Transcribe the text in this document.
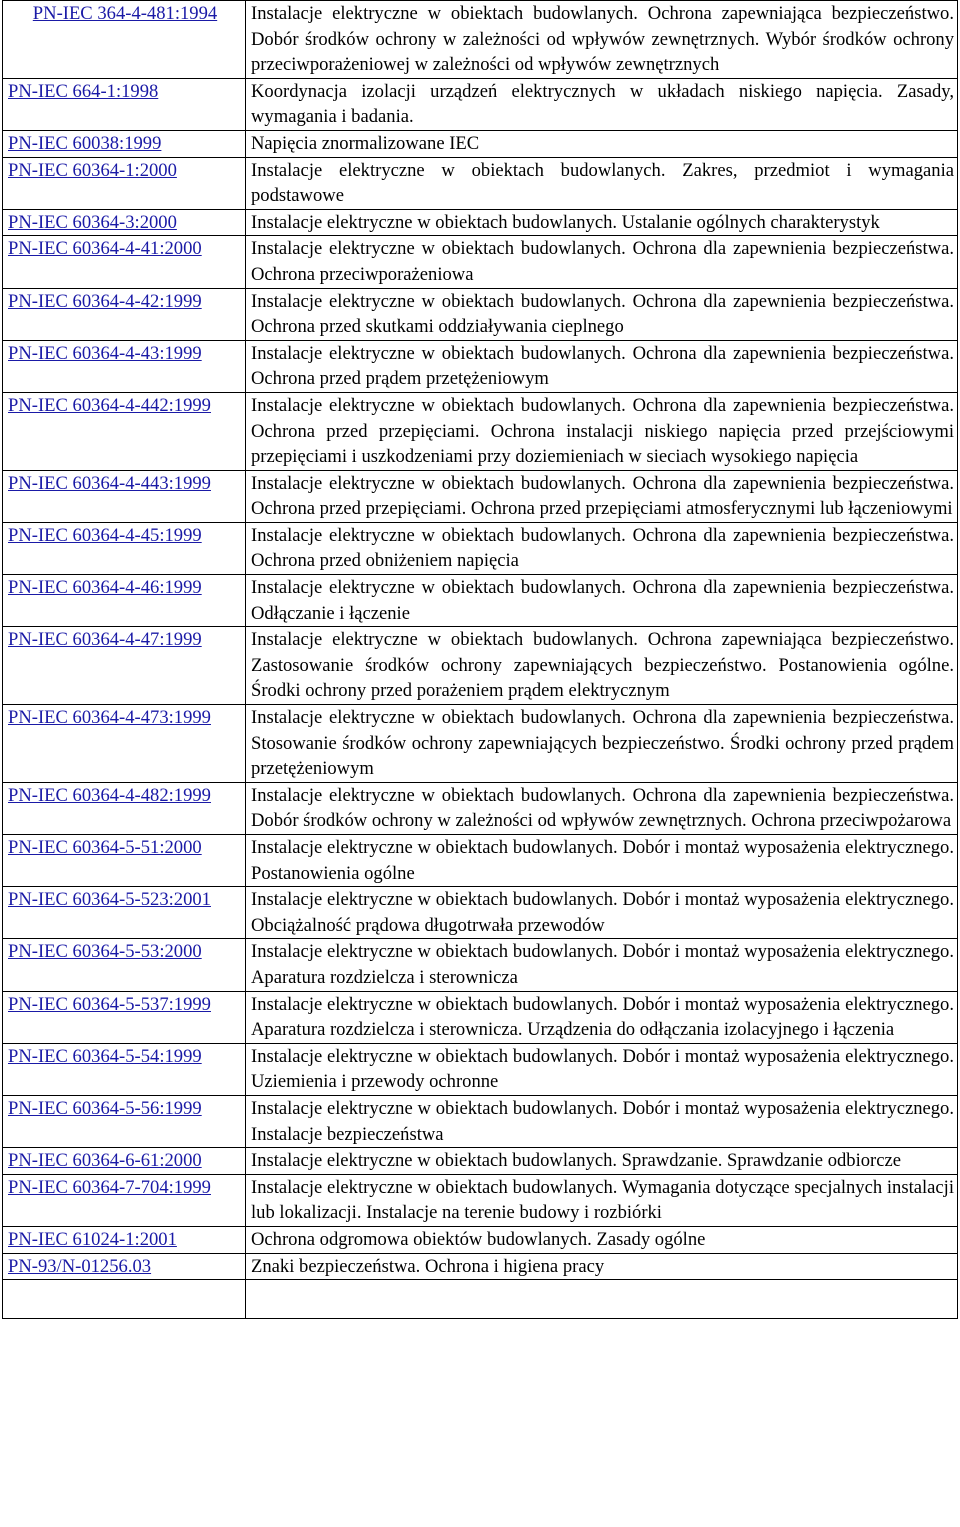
PN-IEC 364-4-481:1994	Instalacje elektryczne w obiektach budowlanych. Ochrona zapewniająca bezpieczeństwo. Dobór środków ochrony w zależności od wpływów zewnętrznych. Wybór środków ochrony przeciwporażeniowej w zależności od wpływów zewnętrznych
PN-IEC 664-1:1998	Koordynacja izolacji urządzeń elektrycznych w układach niskiego napięcia. Zasady, wymagania i badania.
PN-IEC 60038:1999	Napięcia znormalizowane IEC
PN-IEC 60364-1:2000	Instalacje elektryczne w obiektach budowlanych. Zakres, przedmiot i wymagania podstawowe
PN-IEC 60364-3:2000	Instalacje elektryczne w obiektach budowlanych. Ustalanie ogólnych charakterystyk
PN-IEC 60364-4-41:2000	Instalacje elektryczne w obiektach budowlanych. Ochrona dla zapewnienia bezpieczeństwa. Ochrona przeciwporażeniowa
PN-IEC 60364-4-42:1999	Instalacje elektryczne w obiektach budowlanych. Ochrona dla zapewnienia bezpieczeństwa. Ochrona przed skutkami oddziaływania cieplnego
PN-IEC 60364-4-43:1999	Instalacje elektryczne w obiektach budowlanych. Ochrona dla zapewnienia bezpieczeństwa. Ochrona przed prądem przetężeniowym
PN-IEC 60364-4-442:1999	Instalacje elektryczne w obiektach budowlanych. Ochrona dla zapewnienia bezpieczeństwa. Ochrona przed przepięciami. Ochrona instalacji niskiego napięcia przed przejściowymi przepięciami i uszkodzeniami przy doziemieniach w sieciach wysokiego napięcia
PN-IEC 60364-4-443:1999	Instalacje elektryczne w obiektach budowlanych. Ochrona dla zapewnienia bezpieczeństwa. Ochrona przed przepięciami. Ochrona przed przepięciami atmosferycznymi lub łączeniowymi
PN-IEC 60364-4-45:1999	Instalacje elektryczne w obiektach budowlanych. Ochrona dla zapewnienia bezpieczeństwa. Ochrona przed obniżeniem napięcia
PN-IEC 60364-4-46:1999	Instalacje elektryczne w obiektach budowlanych. Ochrona dla zapewnienia bezpieczeństwa. Odłączanie i łączenie
PN-IEC 60364-4-47:1999	Instalacje elektryczne w obiektach budowlanych. Ochrona zapewniająca bezpieczeństwo. Zastosowanie środków ochrony zapewniających bezpieczeństwo. Postanowienia ogólne. Środki ochrony przed porażeniem prądem elektrycznym
PN-IEC 60364-4-473:1999	Instalacje elektryczne w obiektach budowlanych. Ochrona dla zapewnienia bezpieczeństwa. Stosowanie środków ochrony zapewniających bezpieczeństwo. Środki ochrony przed prądem przetężeniowym
PN-IEC 60364-4-482:1999	Instalacje elektryczne w obiektach budowlanych. Ochrona dla zapewnienia bezpieczeństwa. Dobór środków ochrony w zależności od wpływów zewnętrznych. Ochrona przeciwpożarowa
PN-IEC 60364-5-51:2000	Instalacje elektryczne w obiektach budowlanych. Dobór i montaż wyposażenia elektrycznego. Postanowienia ogólne
PN-IEC 60364-5-523:2001	Instalacje elektryczne w obiektach budowlanych. Dobór i montaż wyposażenia elektrycznego. Obciążalność prądowa długotrwała przewodów
PN-IEC 60364-5-53:2000	Instalacje elektryczne w obiektach budowlanych. Dobór i montaż wyposażenia elektrycznego. Aparatura rozdzielcza i sterownicza
PN-IEC 60364-5-537:1999	Instalacje elektryczne w obiektach budowlanych. Dobór i montaż wyposażenia elektrycznego. Aparatura rozdzielcza i sterownicza. Urządzenia do odłączania izolacyjnego i łączenia
PN-IEC 60364-5-54:1999	Instalacje elektryczne w obiektach budowlanych. Dobór i montaż wyposażenia elektrycznego. Uziemienia i przewody ochronne
PN-IEC 60364-5-56:1999	Instalacje elektryczne w obiektach budowlanych. Dobór i montaż wyposażenia elektrycznego. Instalacje bezpieczeństwa
PN-IEC 60364-6-61:2000	Instalacje elektryczne w obiektach budowlanych. Sprawdzanie. Sprawdzanie odbiorcze
PN-IEC 60364-7-704:1999	Instalacje elektryczne w obiektach budowlanych. Wymagania dotyczące specjalnych instalacji lub lokalizacji. Instalacje na terenie budowy i rozbiórki
PN-IEC 61024-1:2001	Ochrona odgromowa obiektów budowlanych. Zasady ogólne
PN-93/N-01256.03	Znaki bezpieczeństwa. Ochrona i higiena pracy
